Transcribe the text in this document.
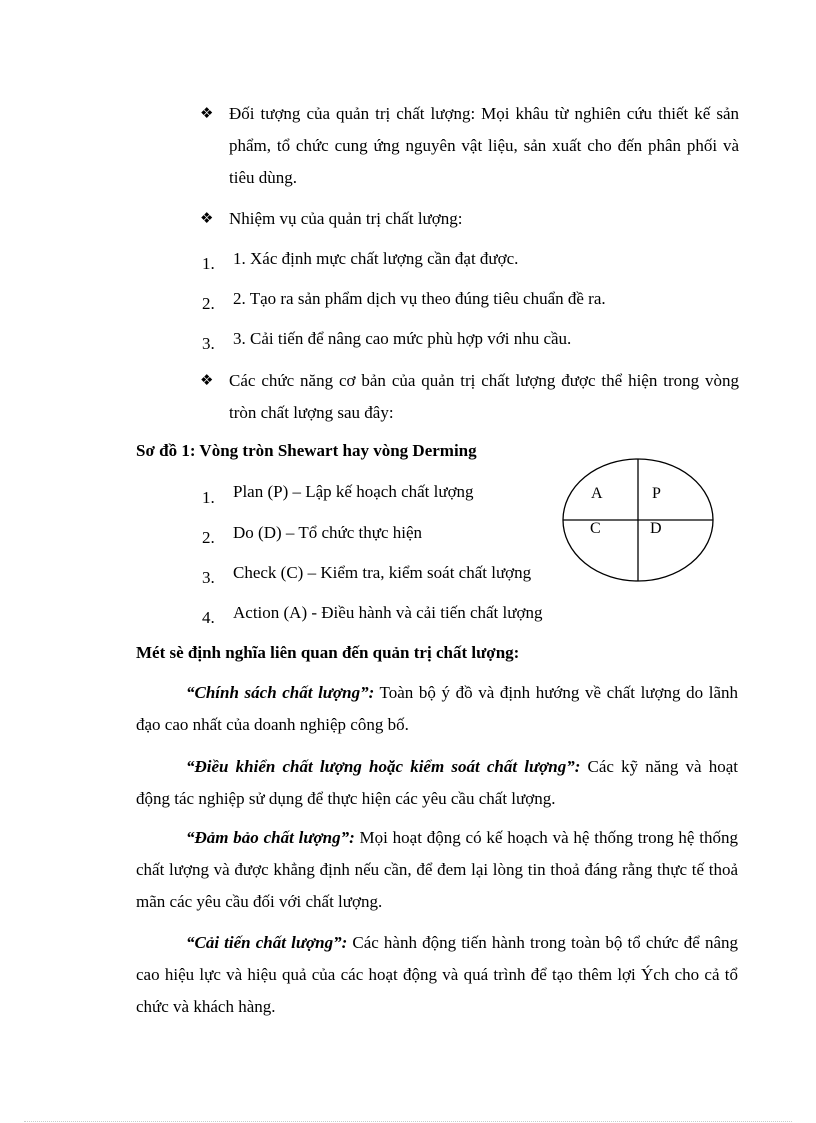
❖ Đối tượng của quản trị chất lượng: Mọi khâu từ nghiên cứu thiết kế sản phẩm, tổ chức cung ứng nguyên vật liệu, sản xuất cho đến phân phối và tiêu dùng.
❖ Nhiệm vụ của quản trị chất lượng:
1. 1. Xác định mực chất lượng cần đạt được.
2. 2. Tạo ra sản phẩm dịch vụ theo đúng tiêu chuẩn đề ra.
3. 3. Cải tiến để nâng cao mức phù hợp với nhu cầu.
❖ Các chức năng cơ bản của quản trị chất lượng được thể hiện trong vòng tròn chất lượng sau đây:
Sơ đồ 1: Vòng tròn Shewart hay vòng Derming
1. Plan (P) – Lập kế hoạch chất lượng
2. Do (D) – Tổ chức thực hiện
3. Check (C) – Kiểm tra, kiểm soát chất lượng
4. Action (A) - Điều hành và cải tiến chất lượng
A	P
C	D
Mét sè định nghĩa liên quan đến quản trị chất lượng:
“Chính sách chất lượng”: Toàn bộ ý đồ và định hướng về chất lượng do lãnh đạo cao nhất của doanh nghiệp công bố.
“Điều khiển chất lượng hoặc kiểm soát chất lượng”: Các kỹ năng và hoạt động tác nghiệp sử dụng để thực hiện các yêu cầu chất lượng.
“Đảm bảo chất lượng”: Mọi hoạt động có kế hoạch và hệ thống trong hệ thống chất lượng và được khẳng định nếu cần, để đem lại lòng tin thoả đáng rằng thực tế thoả mãn các yêu cầu đối với chất lượng.
“Cải tiến chất lượng”: Các hành động tiến hành trong toàn bộ tổ chức để nâng cao hiệu lực và hiệu quả của các hoạt động và quá trình để tạo thêm lợi Ých cho cả tổ chức và khách hàng.
